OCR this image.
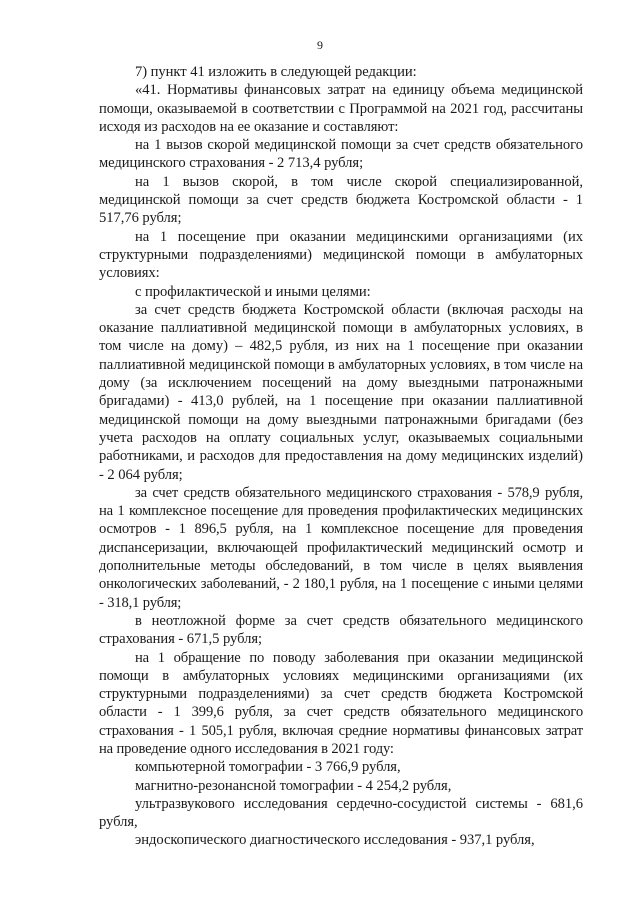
9

7) пункт 41 изложить в следующей редакции:

«41. Нормативы финансовых затрат на единицу объема медицинской помощи, оказываемой в соответствии с Программой на 2021 год, рассчитаны исходя из расходов на ее оказание и составляют:

на 1 вызов скорой медицинской помощи за счет средств обязательного медицинского страхования - 2 713,4 рубля;

на 1 вызов скорой, в том числе скорой специализированной, медицинской помощи за счет средств бюджета Костромской области - 1 517,76 рубля;

на 1 посещение при оказании медицинскими организациями (их структурными подразделениями) медицинской помощи в амбулаторных условиях:

с профилактической и иными целями:

за счет средств бюджета Костромской области (включая расходы на оказание паллиативной медицинской помощи в амбулаторных условиях, в том числе на дому) – 482,5 рубля, из них на 1 посещение при оказании паллиативной медицинской помощи в амбулаторных условиях, в том числе на дому (за исключением посещений на дому выездными патронажными бригадами) - 413,0 рублей, на 1 посещение при оказании паллиативной медицинской помощи на дому выездными патронажными бригадами (без учета расходов на оплату социальных услуг, оказываемых социальными работниками, и расходов для предоставления на дому медицинских изделий) - 2 064 рубля;

за счет средств обязательного медицинского страхования - 578,9 рубля, на 1 комплексное посещение для проведения профилактических медицинских осмотров - 1 896,5 рубля, на 1 комплексное посещение для проведения диспансеризации, включающей профилактический медицинский осмотр и дополнительные методы обследований, в том числе в целях выявления онкологических заболеваний, - 2 180,1 рубля, на 1 посещение с иными целями - 318,1 рубля;

в неотложной форме за счет средств обязательного медицинского страхования - 671,5 рубля;

на 1 обращение по поводу заболевания при оказании медицинской помощи в амбулаторных условиях медицинскими организациями (их структурными подразделениями) за счет средств бюджета Костромской области - 1 399,6 рубля, за счет средств обязательного медицинского страхования - 1 505,1 рубля, включая средние нормативы финансовых затрат на проведение одного исследования в 2021 году:

компьютерной томографии - 3 766,9 рубля,

магнитно-резонансной томографии - 4 254,2 рубля,

ультразвукового исследования сердечно-сосудистой системы - 681,6 рубля,

эндоскопического диагностического исследования - 937,1 рубля,
